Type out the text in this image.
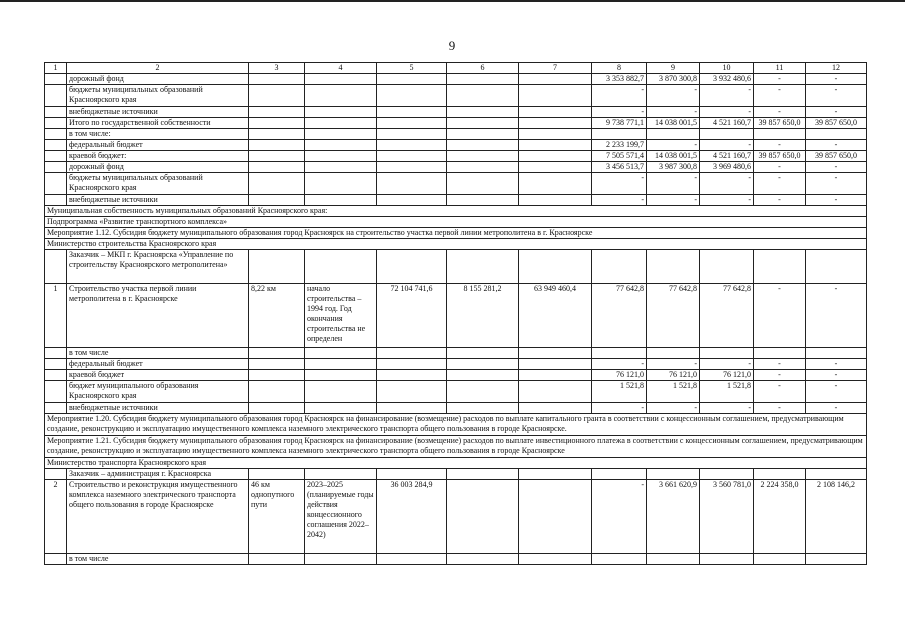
9
1	2	3	4	5	6	7	8	9	10	11	12
	дорожный фонд						3 353 882,7	3 870 300,8	3 932 480,6	-	-
	бюджеты муниципальных образований Красноярского края						-	-	-	-	-
	внебюджетные источники						-	-	-	-	-
	Итого по государственной собственности						9 738 771,1	14 038 001,5	4 521 160,7	39 857 650,0	39 857 650,0
	в том числе:										
	федеральный бюджет						2 233 199,7	-	-	-	-
	краевой бюджет:						7 505 571,4	14 038 001,5	4 521 160,7	39 857 650,0	39 857 650,0
	дорожный фонд						3 456 513,7	3 987 300,8	3 969 480,6	-	-
	бюджеты муниципальных образований Красноярского края						-	-	-	-	-
	внебюджетные источники						-	-	-	-	-
Муниципальная собственность муниципальных образований Красноярского края:											
Подпрограмма «Развитие транспортного комплекса»											
Мероприятие 1.12. Субсидия бюджету муниципального образования город Красноярск на строительство участка первой линии метрополитена в г. Красноярске											
Министерство строительства Красноярского края											
	Заказчик – МКП г. Красноярска «Управление по строительству Красноярского метрополитена»										
1	Строительство участка первой линии метрополитена в г. Красноярске	8,22 км	начало строительства – 1994 год. Год окончания строительства не определен	72 104 741,6	8 155 281,2	63 949 460,4	77 642,8	77 642,8	77 642,8	-	-
	в том числе										
	федеральный бюджет						-	-	-	-	-
	краевой бюджет						76 121,0	76 121,0	76 121,0	-	-
	бюджет муниципального образования Красноярского края						1 521,8	1 521,8	1 521,8	-	-
	внебюджетные источники						-	-	-	-	-
Мероприятие 1.20. Субсидия бюджету муниципального образования город Красноярск на финансирование (возмещение) расходов по выплате капитального гранта в соответствии с концессионным соглашением, предусматривающим создание, реконструкцию и эксплуатацию имущественного комплекса наземного электрического транспорта общего пользования в городе Красноярске.											
Мероприятие 1.21. Субсидия бюджету муниципального образования город Красноярск на финансирование (возмещение) расходов по выплате инвестиционного платежа в соответствии с концессионным соглашением, предусматривающим создание, реконструкцию и эксплуатацию имущественного комплекса наземного электрического транспорта общего пользования в городе Красноярске											
Министерство транспорта Красноярского края											
	Заказчик – администрация г. Красноярска										
2	Строительство и реконструкция имущественного комплекса наземного электрического транспорта общего пользования в городе Красноярске	46 км однопутного пути	2023–2025 (планируемые годы действия концессионного соглашения 2022–2042)	36 003 284,9			-	3 661 620,9	3 560 781,0	2 224 358,0	2 108 146,2
	в том числе										
